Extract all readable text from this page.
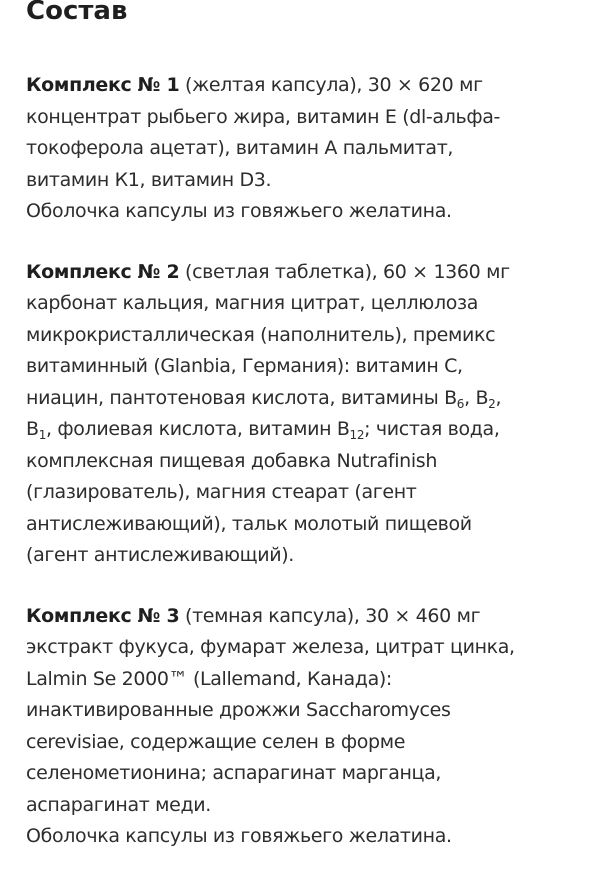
Состав
Комплекс № 1 (желтая капсула), 30 × 620 мг
концентрат рыбьего жира, витамин Е (dl-альфа-
токоферола ацетат), витамин А пальмитат,
витамин К1, витамин D3.
Оболочка капсулы из говяжьего желатина.
Комплекс № 2 (светлая таблетка), 60 × 1360 мг
карбонат кальция, магния цитрат, целлюлоза
микрокристаллическая (наполнитель), премикс
витаминный (Glanbia, Германия): витамин С,
ниацин, пантотеновая кислота, витамины $В_6$, $В_2$,
$В_1$, фолиевая кислота, витамин $В_{12}$; чистая вода,
комплексная пищевая добавка Nutrafinish
(глазирователь), магния стеарат (агент
антислеживающий), тальк молотый пищевой
(агент антислеживающий).
Комплекс № 3 (темная капсула), 30 × 460 мг
экстракт фукуса, фумарат железа, цитрат цинка,
Lalmin Se 2000™ (Lallemand, Канада):
инактивированные дрожжи Saccharomyces
cerevisiae, содержащие селен в форме
селенометионина; аспарагинат марганца,
аспарагинат меди.
Оболочка капсулы из говяжьего желатина.
